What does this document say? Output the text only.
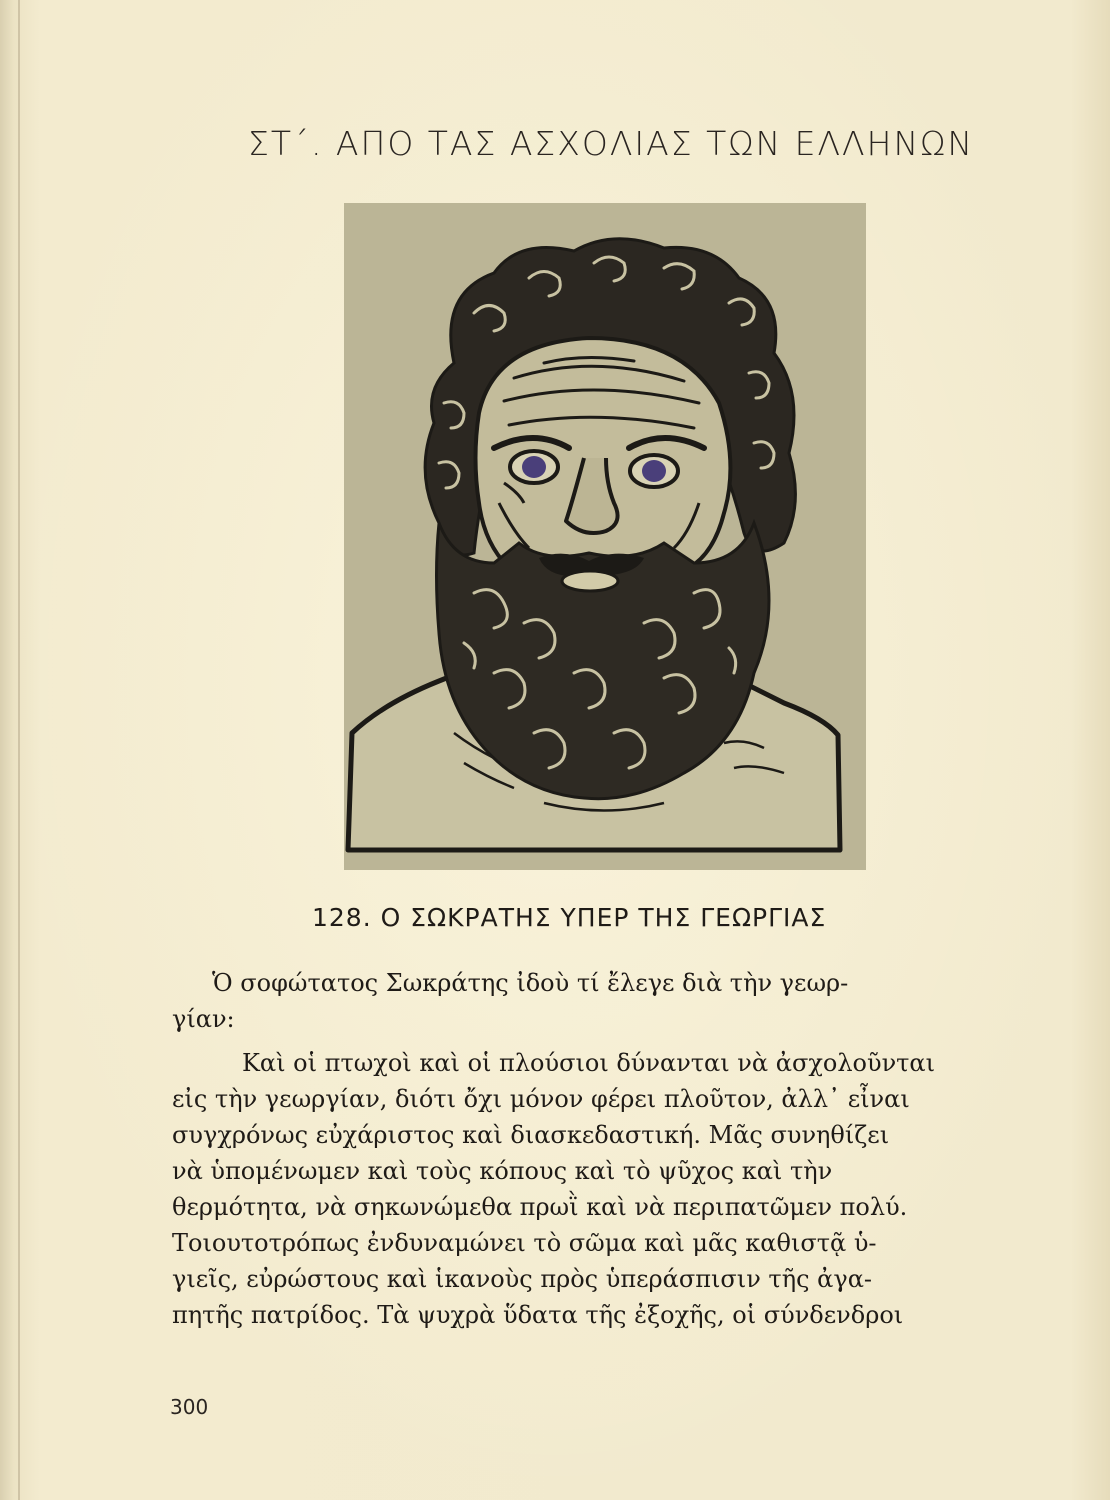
ΣΤ΄. ΑΠΟ ΤΑΣ ΑΣΧΟΛΙΑΣ ΤΩΝ ΕΛΛΗΝΩΝ
128. Ο ΣΩΚΡΑΤΗΣ ΥΠΕΡ ΤΗΣ ΓΕΩΡΓΙΑΣ
Ὁ σοφώτατος Σωκράτης ἰδοὺ τί ἔλεγε διὰ τὴν γεωρ-
γίαν:
Καὶ οἱ πτωχοὶ καὶ οἱ πλούσιοι δύνανται νὰ ἀσχολοῦνται
εἰς τὴν γεωργίαν, διότι ὄχι μόνον φέρει πλοῦτον, ἀλλ᾽ εἶναι
συγχρόνως εὐχάριστος καὶ διασκεδαστική. Μᾶς συνηθίζει
νὰ ὑπομένωμεν καὶ τοὺς κόπους καὶ τὸ ψῦχος καὶ τὴν
θερμότητα, νὰ σηκωνώμεθα πρωῒ καὶ νὰ περιπατῶμεν πολύ.
Τοιουτοτρόπως ἐνδυναμώνει τὸ σῶμα καὶ μᾶς καθιστᾷ ὑ-
γιεῖς, εὐρώστους καὶ ἱκανοὺς πρὸς ὑπεράσπισιν τῆς ἀγα-
πητῆς πατρίδος. Τὰ ψυχρὰ ὕδατα τῆς ἐξοχῆς, οἱ σύνδενδροι
300
